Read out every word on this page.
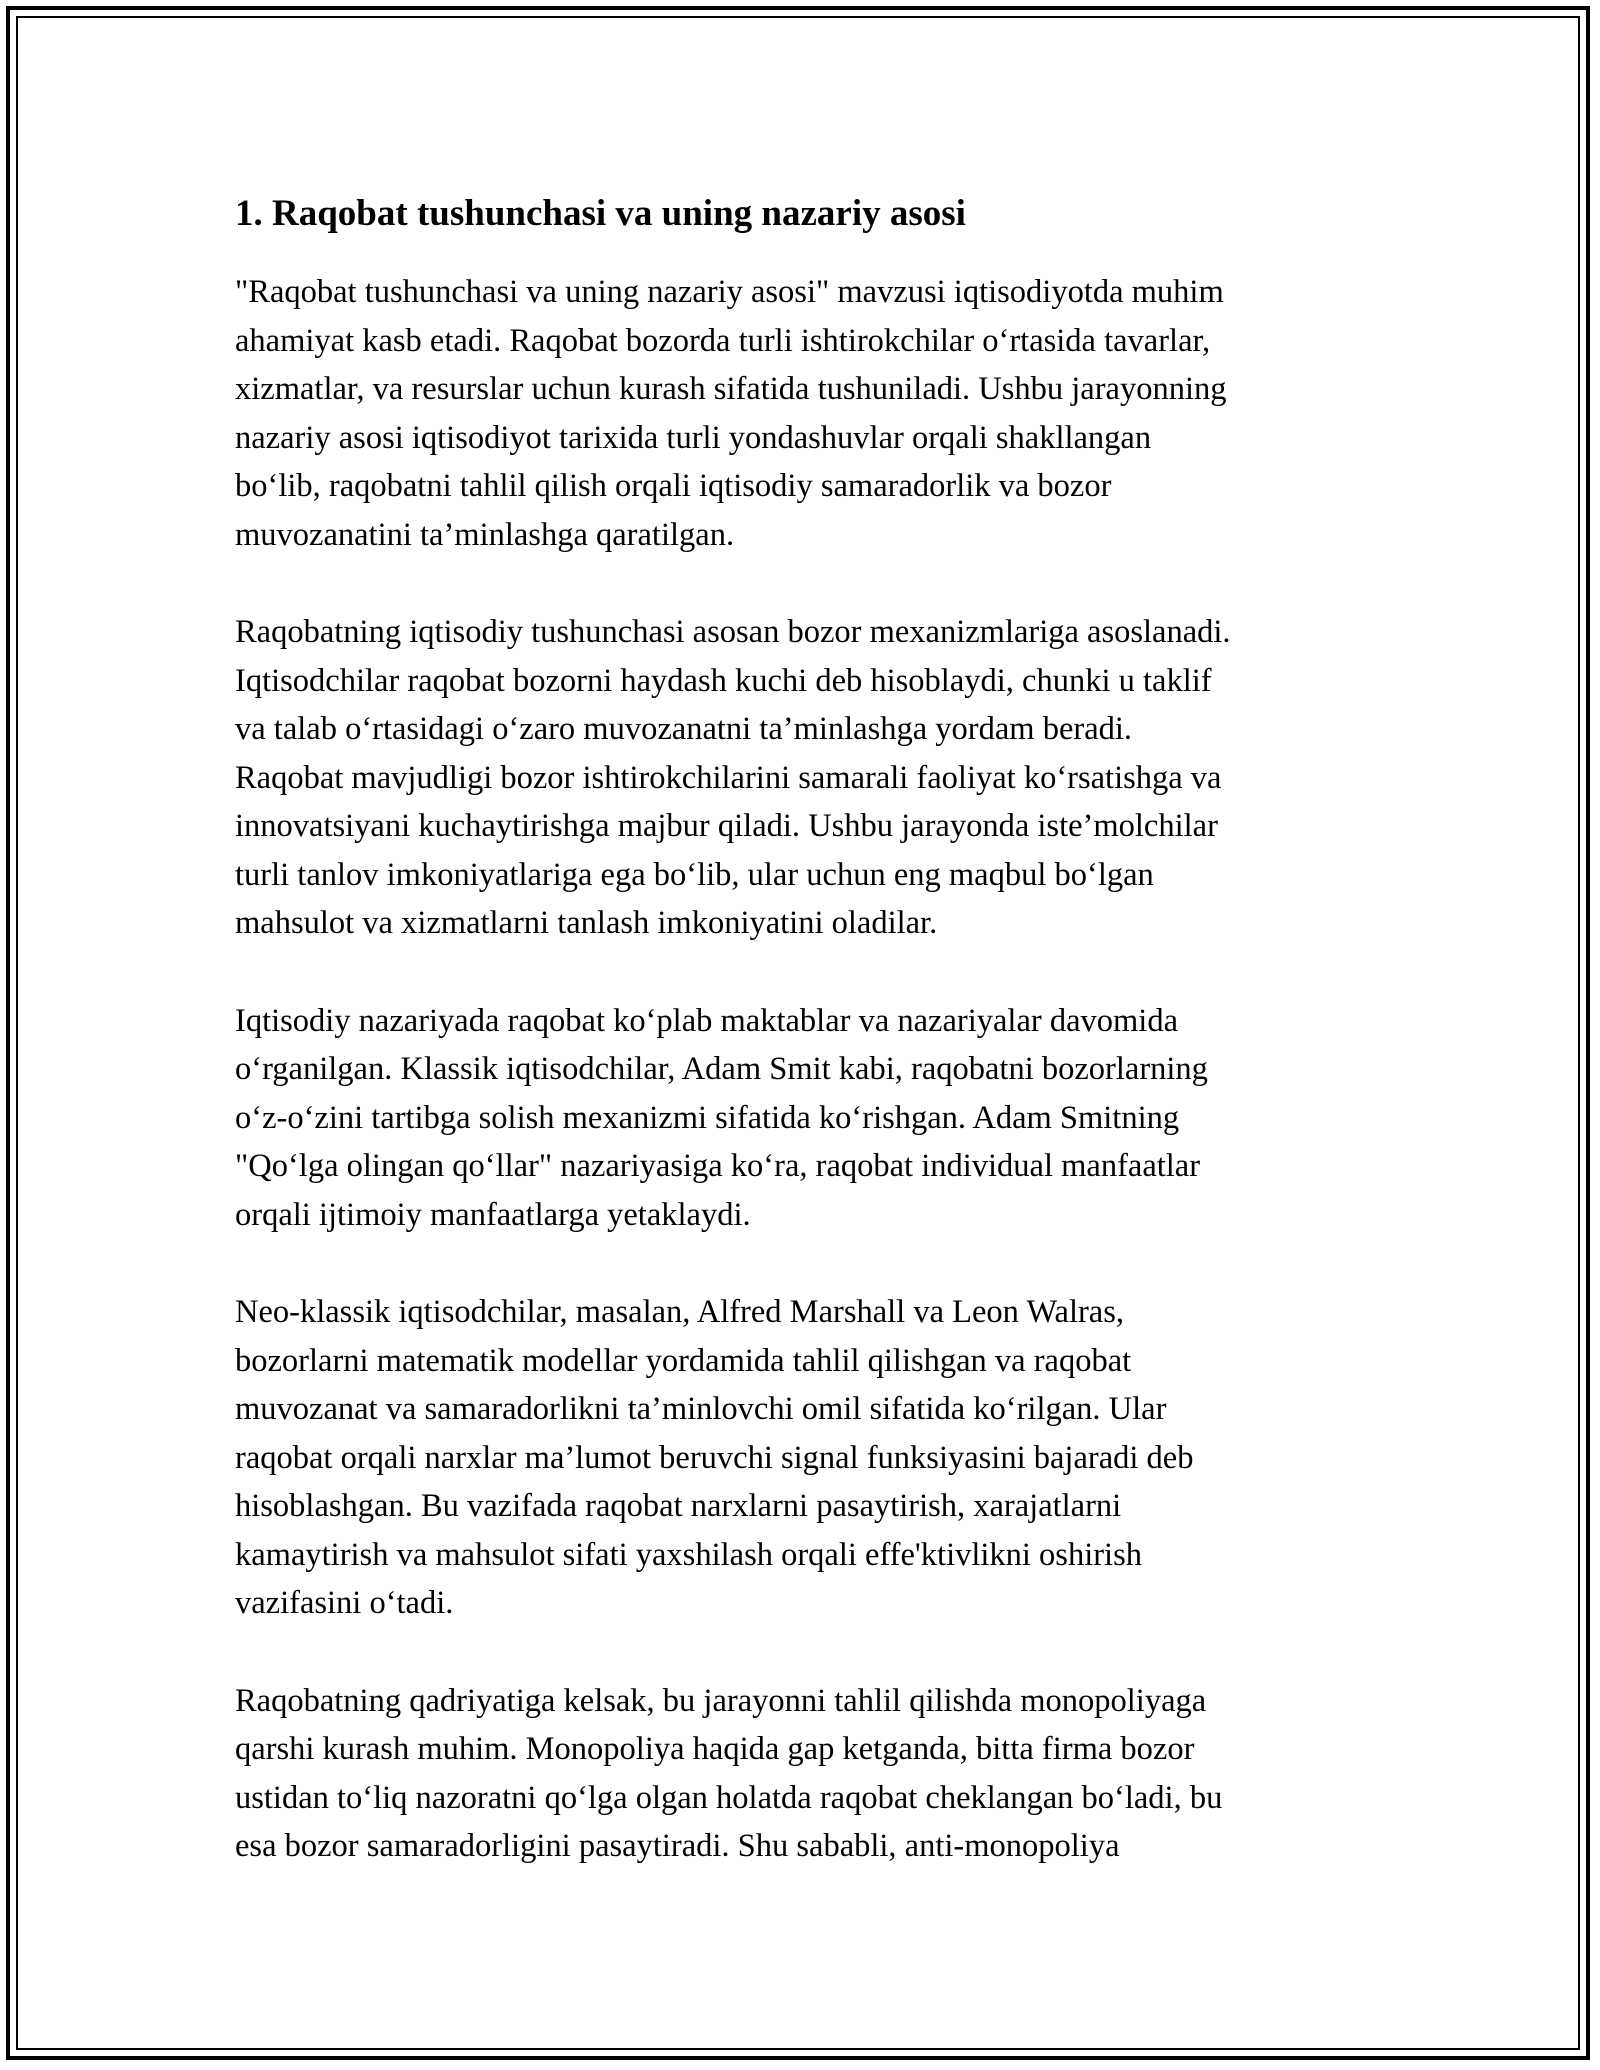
1. Raqobat tushunchasi va uning nazariy asosi

"Raqobat tushunchasi va uning nazariy asosi" mavzusi iqtisodiyotda muhim
ahamiyat kasb etadi. Raqobat bozorda turli ishtirokchilar o‘rtasida tavarlar,
xizmatlar, va resurslar uchun kurash sifatida tushuniladi. Ushbu jarayonning
nazariy asosi iqtisodiyot tarixida turli yondashuvlar orqali shakllangan
bo‘lib, raqobatni tahlil qilish orqali iqtisodiy samaradorlik va bozor
muvozanatini ta’minlashga qaratilgan.

Raqobatning iqtisodiy tushunchasi asosan bozor mexanizmlariga asoslanadi.
Iqtisodchilar raqobat bozorni haydash kuchi deb hisoblaydi, chunki u taklif
va talab o‘rtasidagi o‘zaro muvozanatni ta’minlashga yordam beradi.
Raqobat mavjudligi bozor ishtirokchilarini samarali faoliyat ko‘rsatishga va
innovatsiyani kuchaytirishga majbur qiladi. Ushbu jarayonda iste’molchilar
turli tanlov imkoniyatlariga ega bo‘lib, ular uchun eng maqbul bo‘lgan
mahsulot va xizmatlarni tanlash imkoniyatini oladilar.

Iqtisodiy nazariyada raqobat ko‘plab maktablar va nazariyalar davomida
o‘rganilgan. Klassik iqtisodchilar, Adam Smit kabi, raqobatni bozorlarning
o‘z-o‘zini tartibga solish mexanizmi sifatida ko‘rishgan. Adam Smitning
"Qo‘lga olingan qo‘llar" nazariyasiga ko‘ra, raqobat individual manfaatlar
orqali ijtimoiy manfaatlarga yetaklaydi.

Neo-klassik iqtisodchilar, masalan, Alfred Marshall va Leon Walras,
bozorlarni matematik modellar yordamida tahlil qilishgan va raqobat
muvozanat va samaradorlikni ta’minlovchi omil sifatida ko‘rilgan. Ular
raqobat orqali narxlar ma’lumot beruvchi signal funksiyasini bajaradi deb
hisoblashgan. Bu vazifada raqobat narxlarni pasaytirish, xarajatlarni
kamaytirish va mahsulot sifati yaxshilash orqali effe'ktivlikni oshirish
vazifasini o‘tadi.

Raqobatning qadriyatiga kelsak, bu jarayonni tahlil qilishda monopoliyaga
qarshi kurash muhim. Monopoliya haqida gap ketganda, bitta firma bozor
ustidan to‘liq nazoratni qo‘lga olgan holatda raqobat cheklangan bo‘ladi, bu
esa bozor samaradorligini pasaytiradi. Shu sababli, anti-monopoliya
